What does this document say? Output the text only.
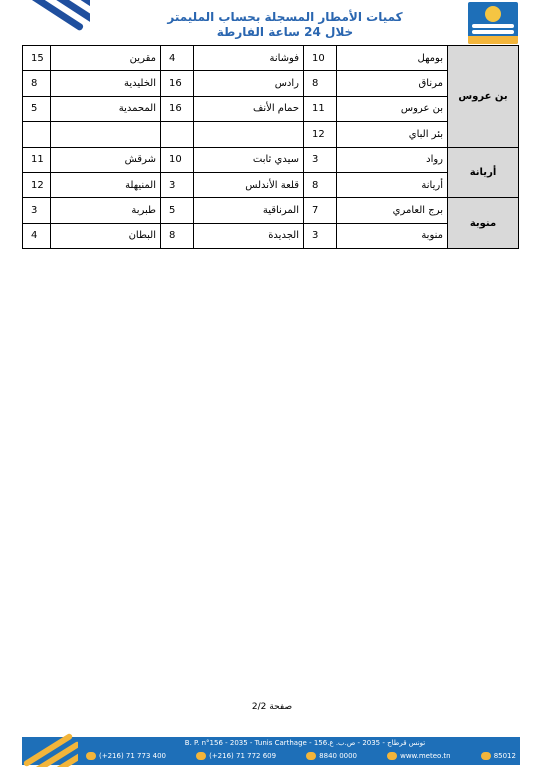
كميات الأمطار المسجلة بحساب المليمتر
خلال 24 ساعة الفارطة
بن عروس	بومهل	10	فوشانة	4	مقرين	15
	مرناق	8	رادس	16	الخليدية	8
	بن عروس	11	حمام الأنف	16	المحمدية	5
	بئر الباي	12				
أريانة	رواد	3	سيدي ثابت	10	شرقش	11
	أريانة	8	قلعة الأندلس	3	المنيهلة	12
منوبة	برج العامري	7	المرناقية	5	طبربة	3
	منوبة	3	الجديدة	8	البطان	4
صفحة 2/2
B. P. n°156 - 2035 - Tunis Carthage - تونس قرطاج - 2035 - ص.ب. ع.156
(+216) 71 773 400	(+216) 71 772 609	8840 0000	www.meteo.tn	85012
